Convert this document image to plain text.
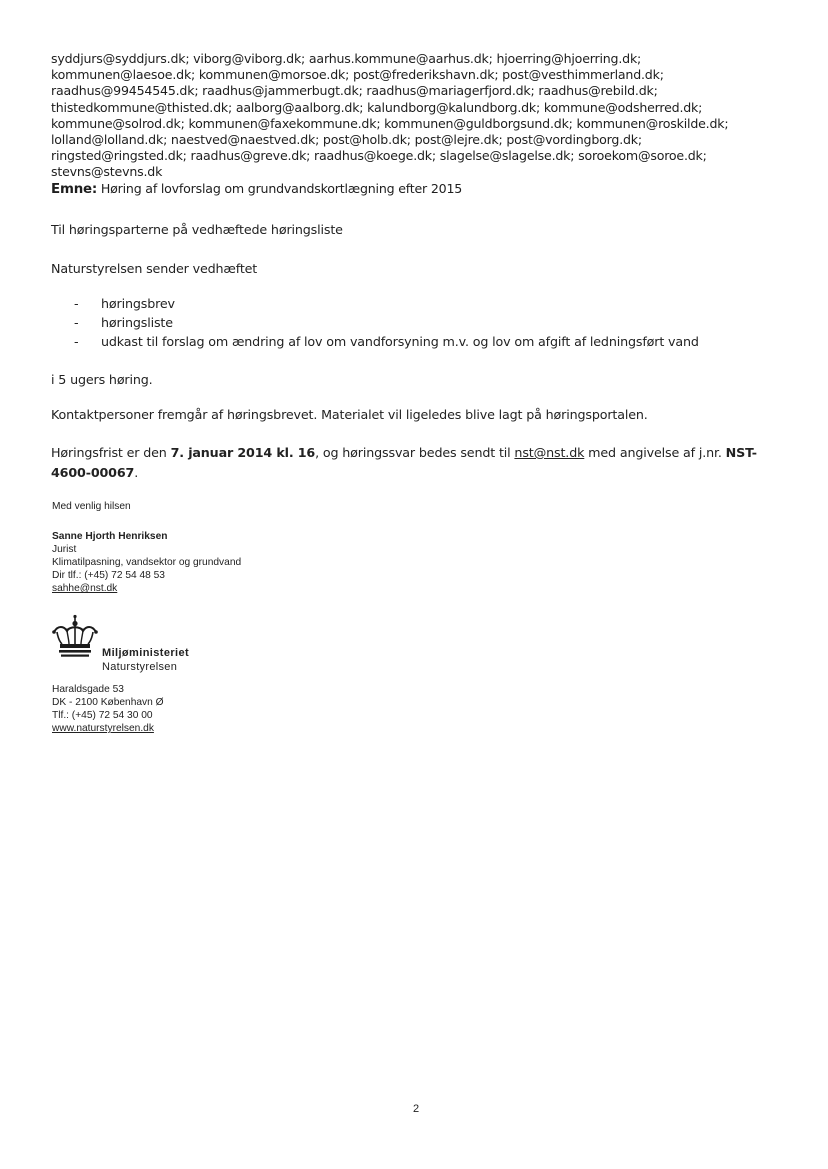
syddjurs@syddjurs.dk; viborg@viborg.dk; aarhus.kommune@aarhus.dk; hjoerring@hjoerring.dk;
kommunen@laesoe.dk; kommunen@morsoe.dk; post@frederikshavn.dk; post@vesthimmerland.dk;
raadhus@99454545.dk; raadhus@jammerbugt.dk; raadhus@mariagerfjord.dk; raadhus@rebild.dk;
thistedkommune@thisted.dk; aalborg@aalborg.dk; kalundborg@kalundborg.dk; kommune@odsherred.dk;
kommune@solrod.dk; kommunen@faxekommune.dk; kommunen@guldborgsund.dk; kommunen@roskilde.dk;
lolland@lolland.dk; naestved@naestved.dk; post@holb.dk; post@lejre.dk; post@vordingborg.dk;
ringsted@ringsted.dk; raadhus@greve.dk; raadhus@koege.dk; slagelse@slagelse.dk; soroekom@soroe.dk;
stevns@stevns.dk
Emne: Høring af lovforslag om grundvandskortlægning efter 2015
Til høringsparterne på vedhæftede høringsliste
Naturstyrelsen sender vedhæftet
- høringsbrev
- høringsliste
- udkast til forslag om ændring af lov om vandforsyning m.v. og lov om afgift af ledningsført vand
i 5 ugers høring.
Kontaktpersoner fremgår af høringsbrevet. Materialet vil ligeledes blive lagt på høringsportalen.
Høringsfrist er den 7. januar 2014 kl. 16, og høringssvar bedes sendt til nst@nst.dk med angivelse af j.nr. NST-4600-00067.
Med venlig hilsen
Sanne Hjorth Henriksen
Jurist
Klimatilpasning, vandsektor og grundvand
Dir tlf.: (+45) 72 54 48 53
sahhe@nst.dk
Miljøministeriet
Naturstyrelsen
Haraldsgade 53
DK - 2100 København Ø
Tlf.: (+45) 72 54 30 00
www.naturstyrelsen.dk
2
